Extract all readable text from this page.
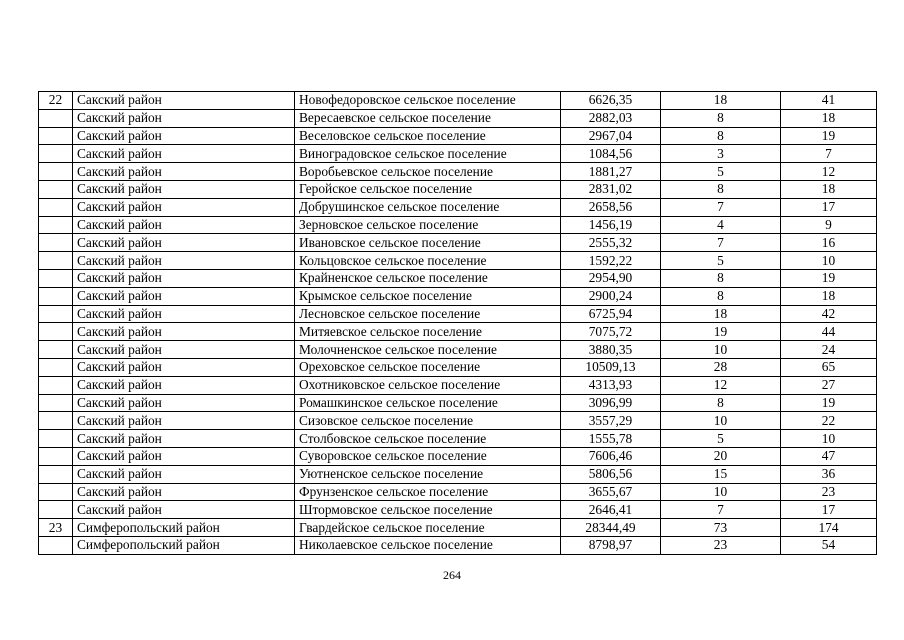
22	Сакский район	Новофедоровское сельское поселение	6626,35	18	41
	Сакский район	Вересаевское сельское поселение	2882,03	8	18
	Сакский район	Веселовское сельское поселение	2967,04	8	19
	Сакский район	Виноградовское сельское поселение	1084,56	3	7
	Сакский район	Воробьевское сельское поселение	1881,27	5	12
	Сакский район	Геройское сельское поселение	2831,02	8	18
	Сакский район	Добрушинское сельское поселение	2658,56	7	17
	Сакский район	Зерновское сельское поселение	1456,19	4	9
	Сакский район	Ивановское сельское поселение	2555,32	7	16
	Сакский район	Кольцовское сельское поселение	1592,22	5	10
	Сакский район	Крайненское сельское поселение	2954,90	8	19
	Сакский район	Крымское сельское поселение	2900,24	8	18
	Сакский район	Лесновское сельское поселение	6725,94	18	42
	Сакский район	Митяевское сельское поселение	7075,72	19	44
	Сакский район	Молочненское сельское поселение	3880,35	10	24
	Сакский район	Ореховское сельское поселение	10509,13	28	65
	Сакский район	Охотниковское сельское поселение	4313,93	12	27
	Сакский район	Ромашкинское сельское поселение	3096,99	8	19
	Сакский район	Сизовское сельское поселение	3557,29	10	22
	Сакский район	Столбовское сельское поселение	1555,78	5	10
	Сакский район	Суворовское сельское поселение	7606,46	20	47
	Сакский район	Уютненское сельское поселение	5806,56	15	36
	Сакский район	Фрунзенское сельское поселение	3655,67	10	23
	Сакский район	Штормовское сельское поселение	2646,41	7	17
23	Симферопольский район	Гвардейское сельское поселение	28344,49	73	174
	Симферопольский район	Николаевское сельское поселение	8798,97	23	54
264
